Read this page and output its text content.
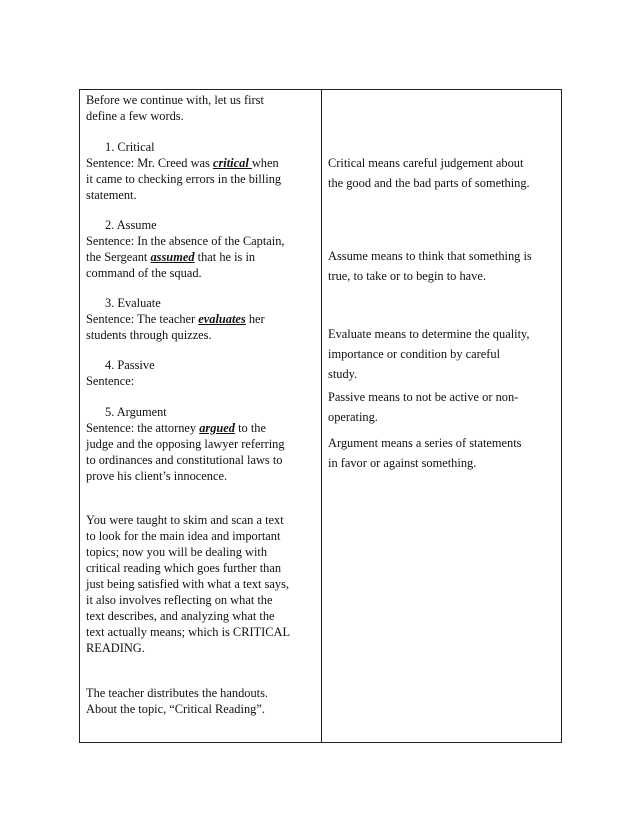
Before we continue with, let us first
define a few words.
1. Critical
Sentence: Mr. Creed was critical when
it came to checking errors in the billing
statement.
2. Assume
Sentence: In the absence of the Captain,
the Sergeant assumed that he is in
command of the squad.
3. Evaluate
Sentence: The teacher evaluates her
students through quizzes.
4. Passive
Sentence:
5. Argument
Sentence: the attorney argued to the
judge and the opposing lawyer referring
to ordinances and constitutional laws to
prove his client’s innocence.
You were taught to skim and scan a text
to look for the main idea and important
topics; now you will be dealing with
critical reading which goes further than
just being satisfied with what a text says,
it also involves reflecting on what the
text describes, and analyzing what the
text actually means; which is CRITICAL
READING.
The teacher distributes the handouts.
About the topic, “Critical Reading”.
Critical means careful judgement about
the good and the bad parts of something.
Assume means to think that something is
true, to take or to begin to have.
Evaluate means to determine the quality,
importance or condition by careful
study.
Passive means to not be active or non-
operating.
Argument means a series of statements
in favor or against something.
